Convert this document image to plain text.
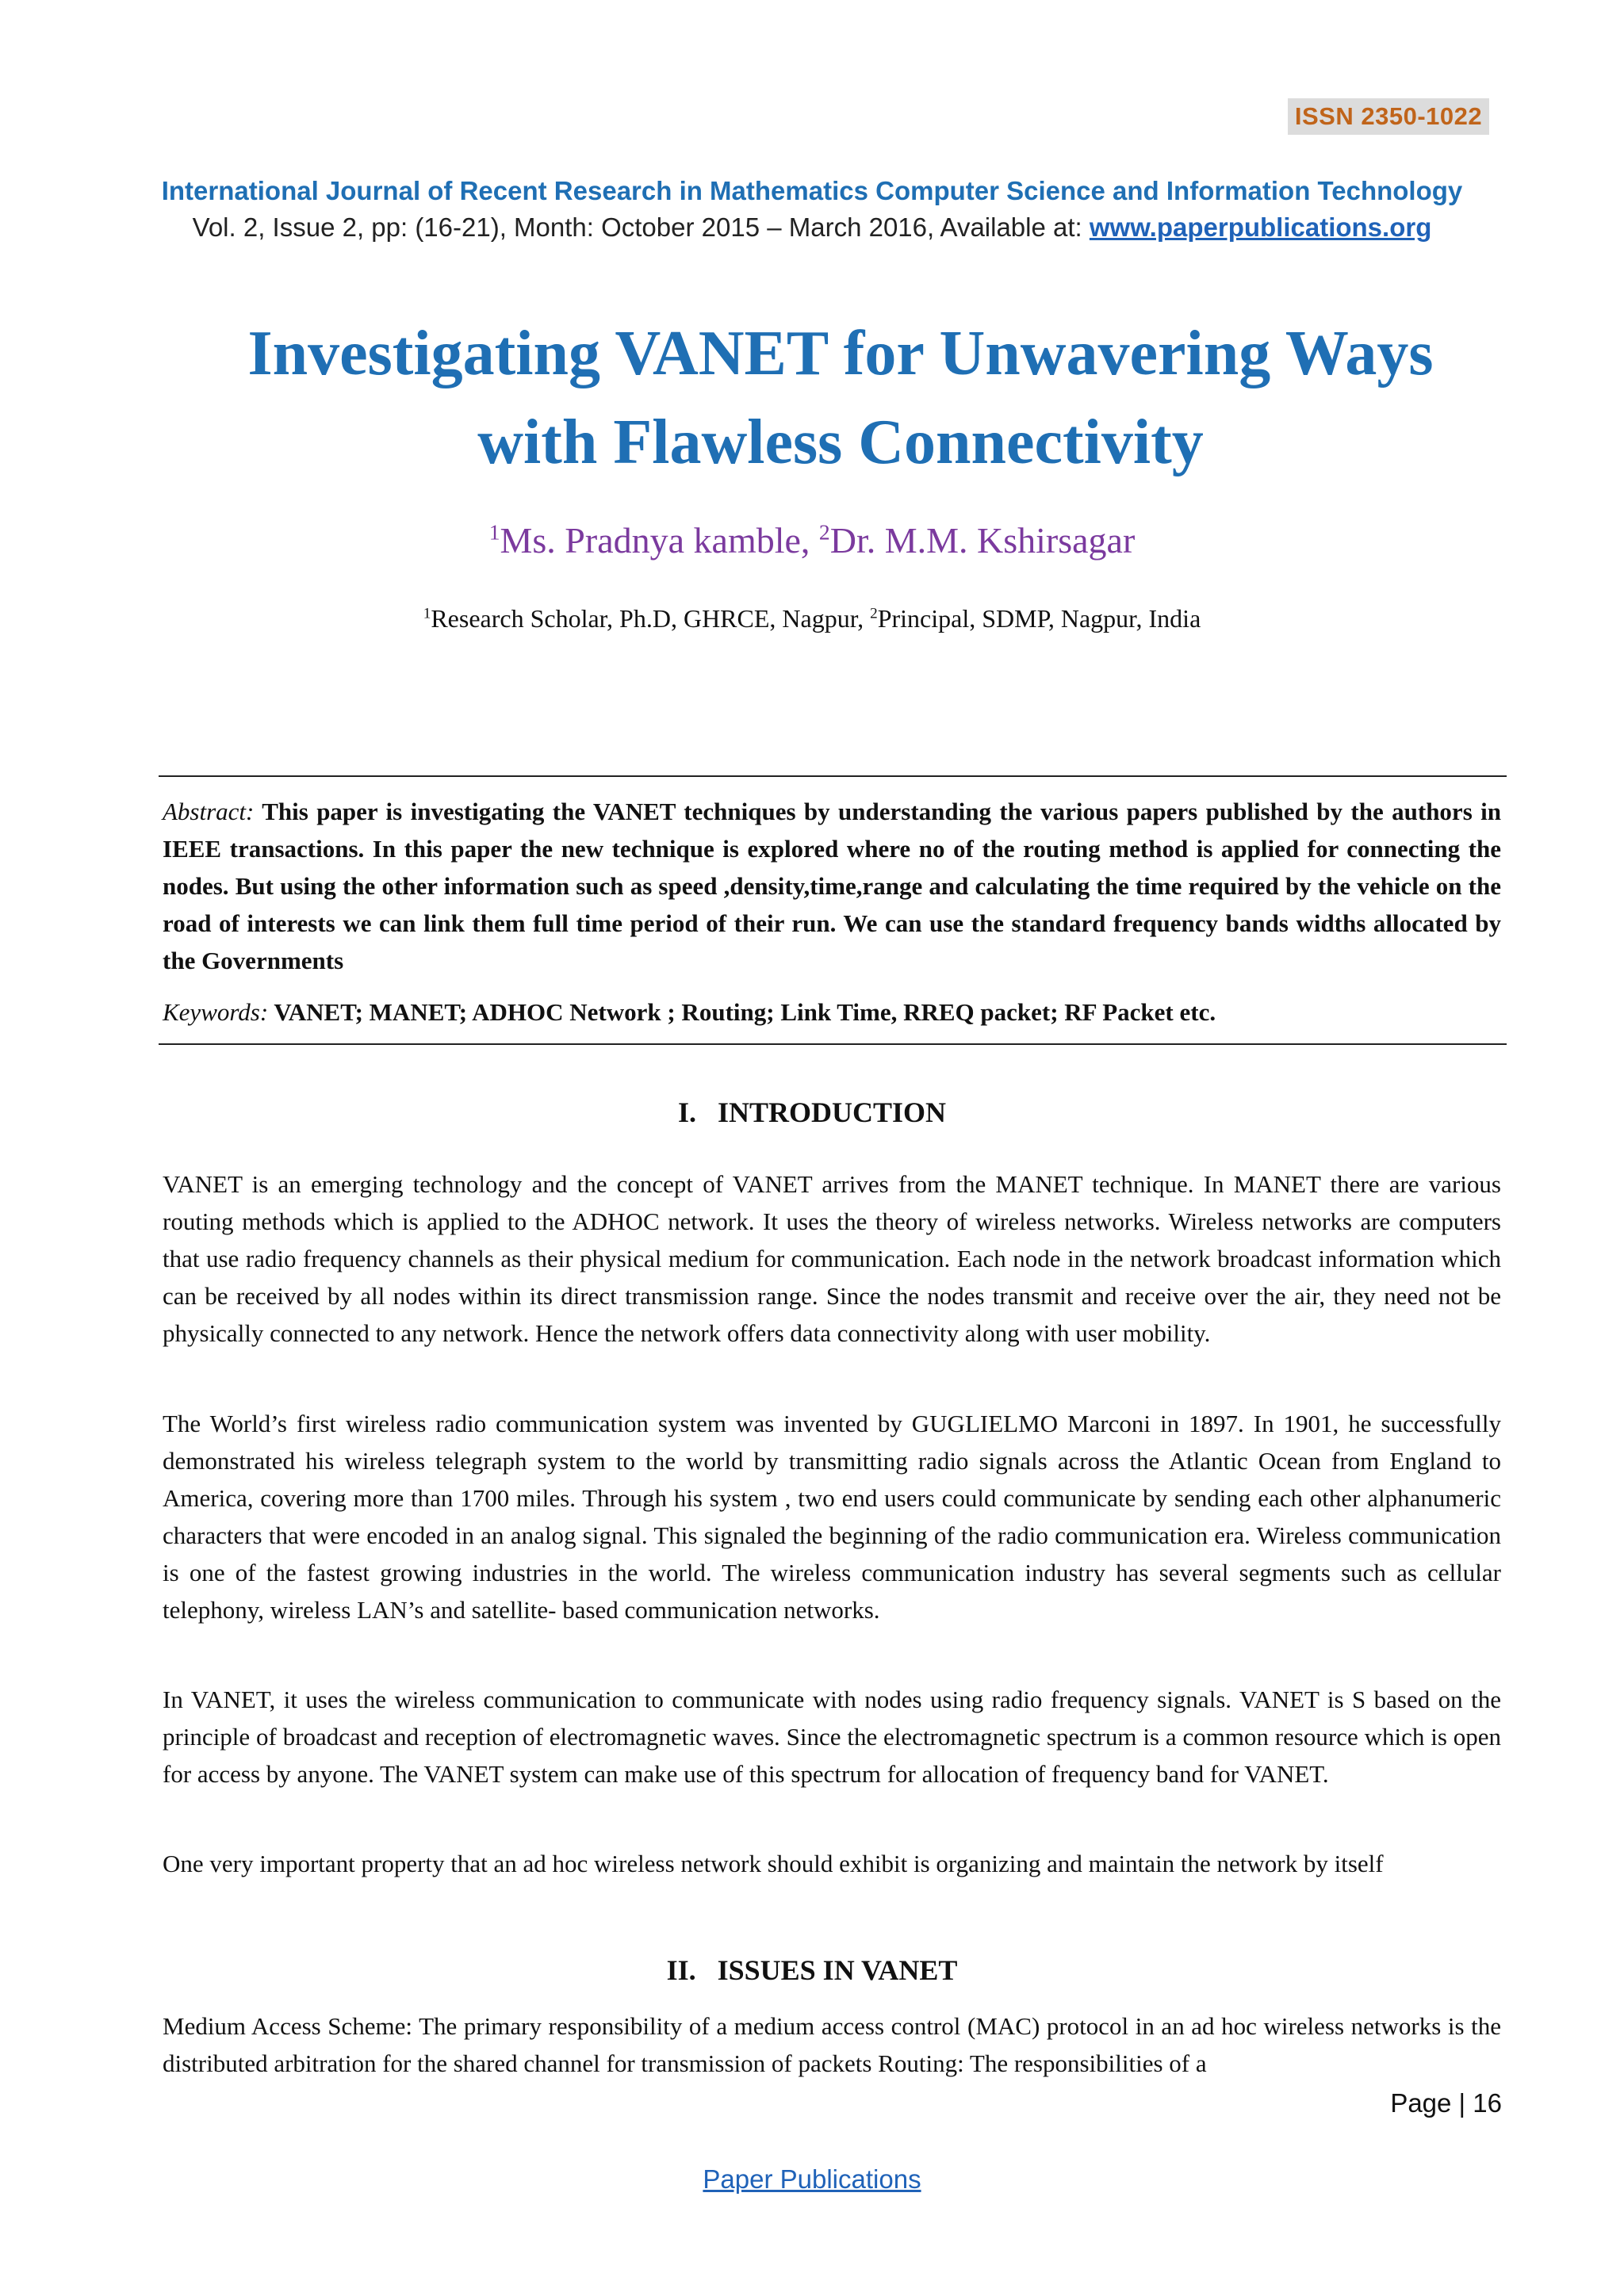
ISSN 2350-1022
International Journal of Recent Research in Mathematics Computer Science and Information Technology
Vol. 2, Issue 2, pp: (16-21), Month: October 2015 – March 2016, Available at: www.paperpublications.org
Investigating VANET for Unwavering Ways
with Flawless Connectivity
$^1$Ms. Pradnya kamble, $^2$Dr. M.M. Kshirsagar
$^1$Research Scholar, Ph.D, GHRCE, Nagpur, $^2$Principal, SDMP, Nagpur, India
Abstract: This paper is investigating the VANET techniques by understanding the various papers published by the authors in IEEE transactions. In this paper the new technique is explored where no of the routing method is applied for connecting the nodes. But using the other information such as speed ,density,time,range and calculating the time required by the vehicle on the road of interests we can link them full time period of their run. We can use the standard frequency bands widths allocated by the Governments
Keywords: VANET; MANET; ADHOC Network ; Routing; Link Time, RREQ packet; RF Packet etc.
I.   INTRODUCTION
VANET is an emerging technology and the concept of VANET arrives from the MANET technique. In MANET there are various routing methods which is applied to the ADHOC network. It uses the theory of wireless networks. Wireless networks are computers that use radio frequency channels as their physical medium for communication. Each node in the network broadcast information which can be received by all nodes within its direct transmission range. Since the nodes transmit and receive over the air, they need not be physically connected to any network. Hence the network offers data connectivity along with user mobility.
The World’s first wireless radio communication system was invented by GUGLIELMO Marconi in 1897. In 1901, he successfully demonstrated his wireless telegraph system to the world by transmitting radio signals across the Atlantic Ocean from England to America, covering more than 1700 miles. Through his system , two end users could communicate by sending each other alphanumeric characters that were encoded in an analog signal. This signaled the beginning of the radio communication era. Wireless communication is one of the fastest growing industries in the world. The wireless communication industry has several segments such as cellular telephony, wireless LAN’s and satellite- based communication networks.
In VANET, it uses the wireless communication to communicate with nodes using radio frequency signals. VANET is S based on the principle of broadcast and reception of electromagnetic waves. Since the electromagnetic spectrum is a common resource which is open for access by anyone. The VANET system can make use of this spectrum for allocation of frequency band for VANET.
One very important property that an ad hoc wireless network should exhibit is organizing and maintain the network by itself
II.   ISSUES IN VANET
Medium Access Scheme: The primary responsibility of a medium access control (MAC) protocol in an ad hoc wireless networks is the distributed arbitration for the shared channel for transmission of packets Routing: The responsibilities of a
Page | 16
Paper Publications
